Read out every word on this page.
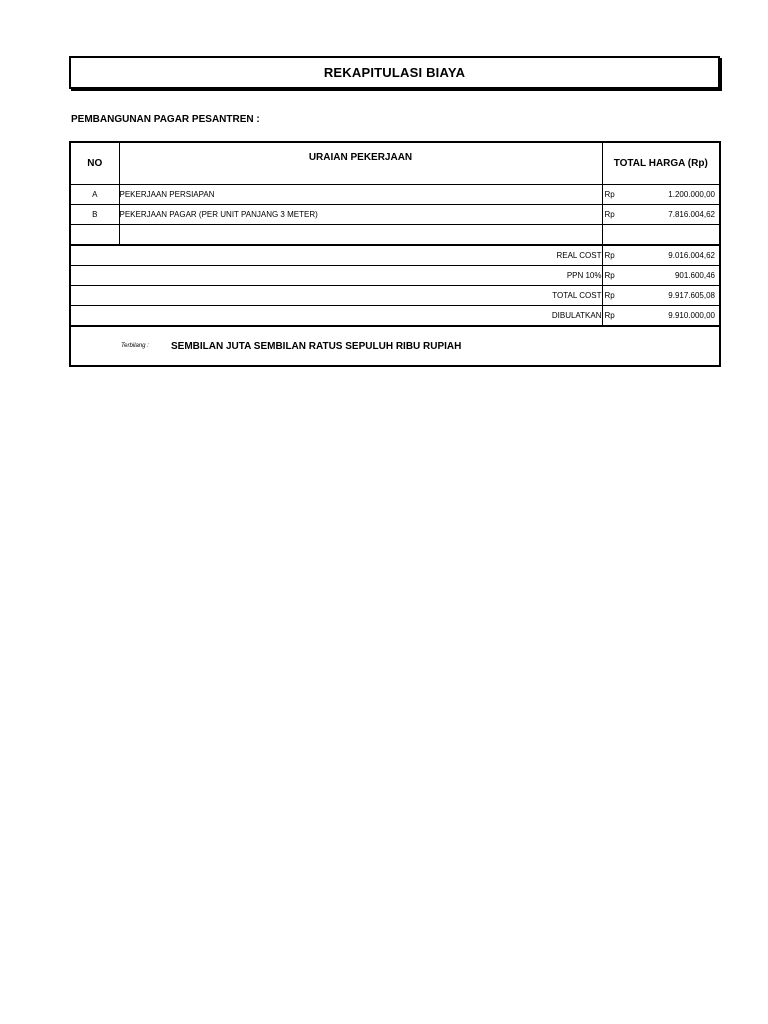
REKAPITULASI BIAYA
PEMBANGUNAN PAGAR PESANTREN :
NO	URAIAN PEKERJAAN	TOTAL HARGA (Rp)
A	PEKERJAAN PERSIAPAN	Rp 1.200.000,00

B	PEKERJAAN PAGAR (PER UNIT PANJANG 3 METER)	Rp 7.816.004,62

REAL COST		Rp 9.016.004,62

PPN 10%		Rp 901.600,46

TOTAL COST		Rp 9.917.605,08

DIBULATKAN		Rp 9.910.000,00

Terbilang : SEMBILAN JUTA SEMBILAN RATUS SEPULUH RIBU RUPIAH		
